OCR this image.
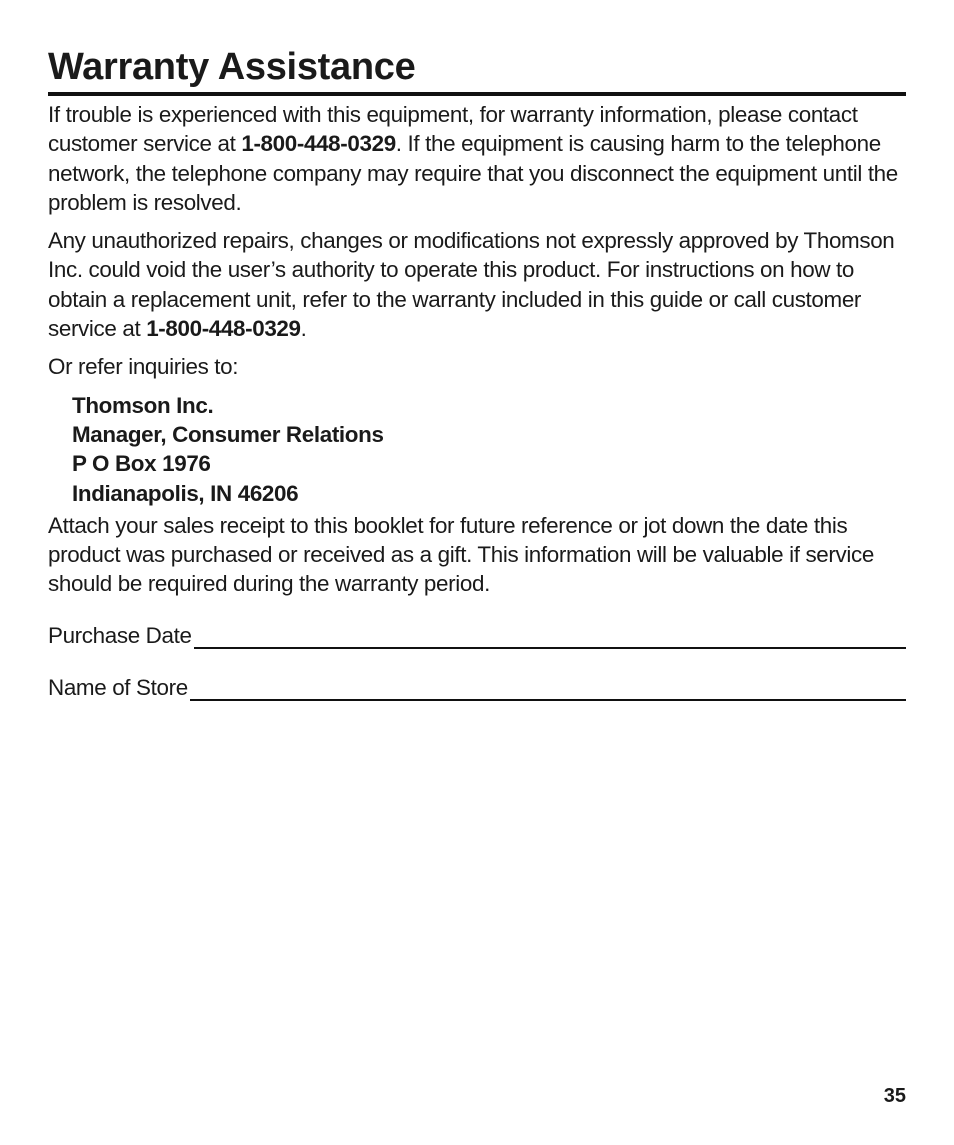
Warranty Assistance

If trouble is experienced with this equipment, for warranty information, please contact customer service at 1-800-448-0329. If the equipment is causing harm to the telephone network, the telephone company may require that you disconnect the equipment until the problem is resolved.

Any unauthorized repairs, changes or modifications not expressly approved by Thomson Inc. could void the user’s authority to operate this product. For instructions on how to obtain a replacement unit, refer to the warranty included in this guide or call customer service at 1-800-448-0329.

Or refer inquiries to:

Thomson Inc.
Manager, Consumer Relations
P O Box 1976
Indianapolis, IN 46206

Attach your sales receipt to this booklet for future reference or jot down the date this product was purchased or received as a gift. This information will be valuable if service should be required during the warranty period.

Purchase Date
Name of Store
35
